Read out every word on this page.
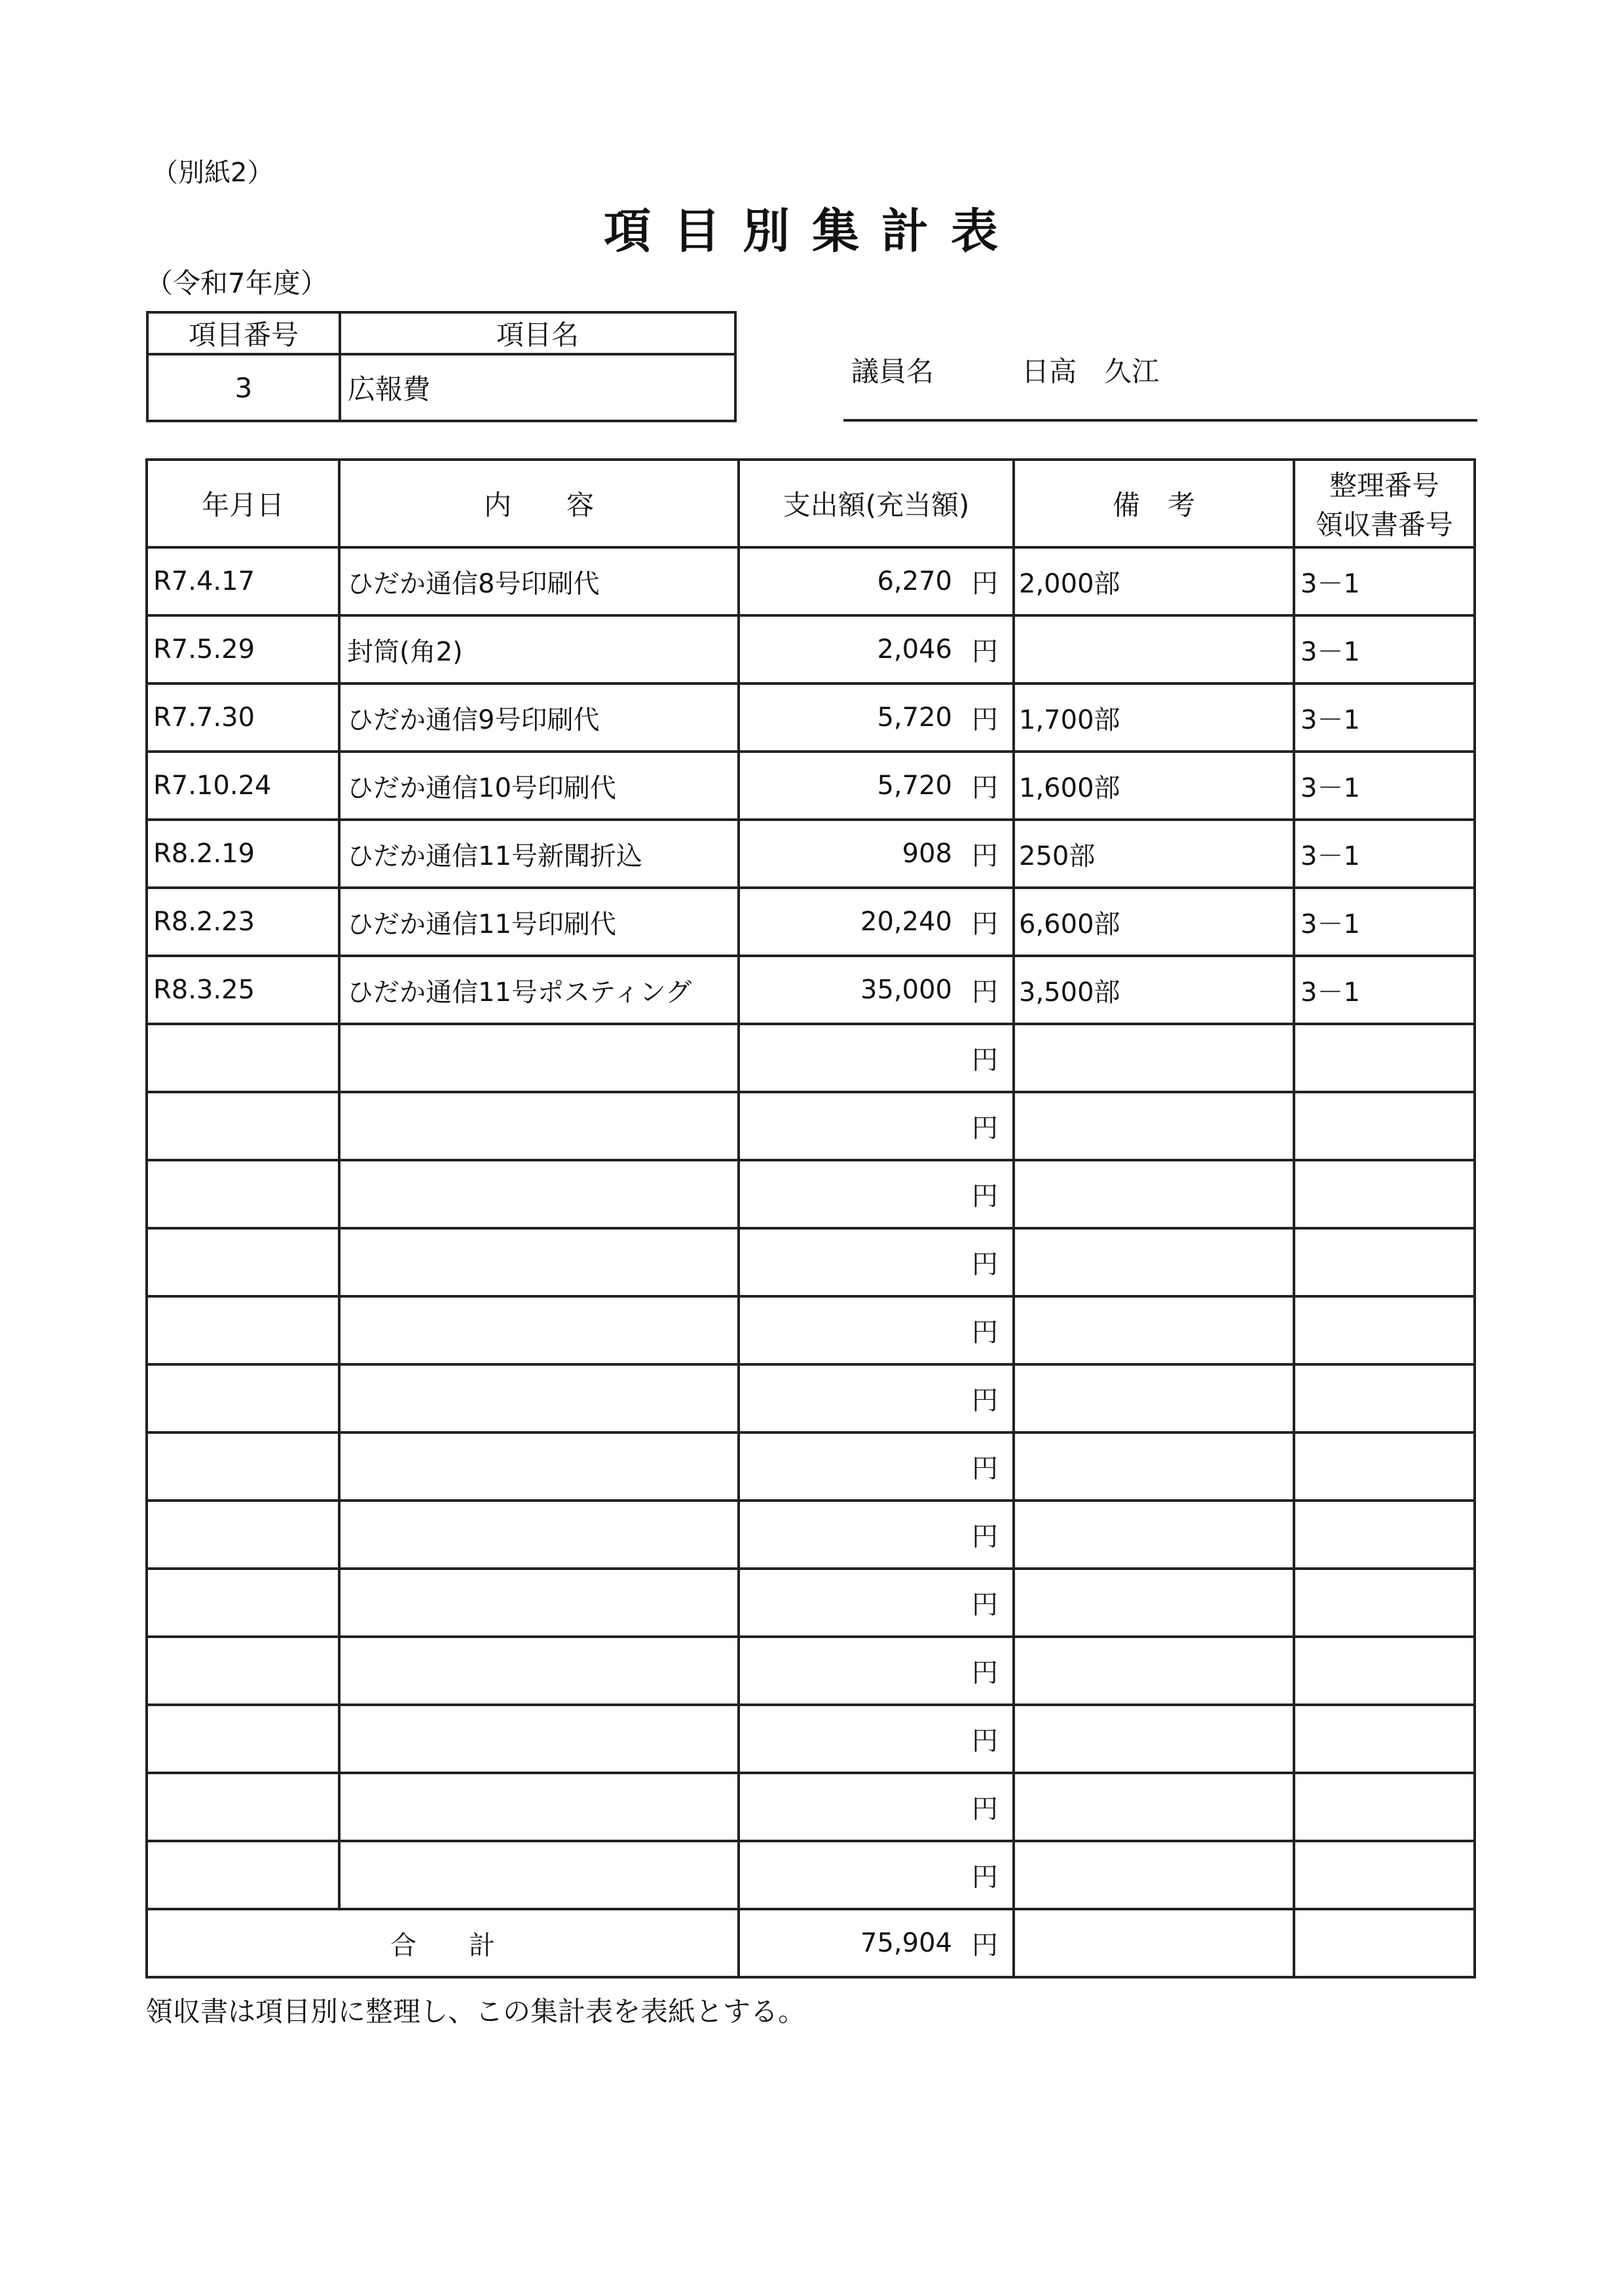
（別紙2）
項目別集計表
（令和7年度）
項目番号	項目名
3	広報費
議員名	日高　久江
年月日	内　　容	支出額(充当額)	備　考	整理番号
領収書番号

R7.4.17	ひだか通信8号印刷代	6,270 円	2,000部	3－1
R7.5.29	封筒(角2)	2,046 円		3－1
R7.7.30	ひだか通信9号印刷代	5,720 円	1,700部	3－1
R7.10.24	ひだか通信10号印刷代	5,720 円	1,600部	3－1
R8.2.19	ひだか通信11号新聞折込	908 円	250部	3－1
R8.2.23	ひだか通信11号印刷代	20,240 円	6,600部	3－1
R8.3.25	ひだか通信11号ポスティング	35,000 円	3,500部	3－1

		円		

		円		

		円		

		円		

		円		

		円		

		円		

		円		

		円		

		円		

		円		

		円		

		円		

合　　計		75,904 円		

領収書は項目別に整理し、この集計表を表紙とする。
